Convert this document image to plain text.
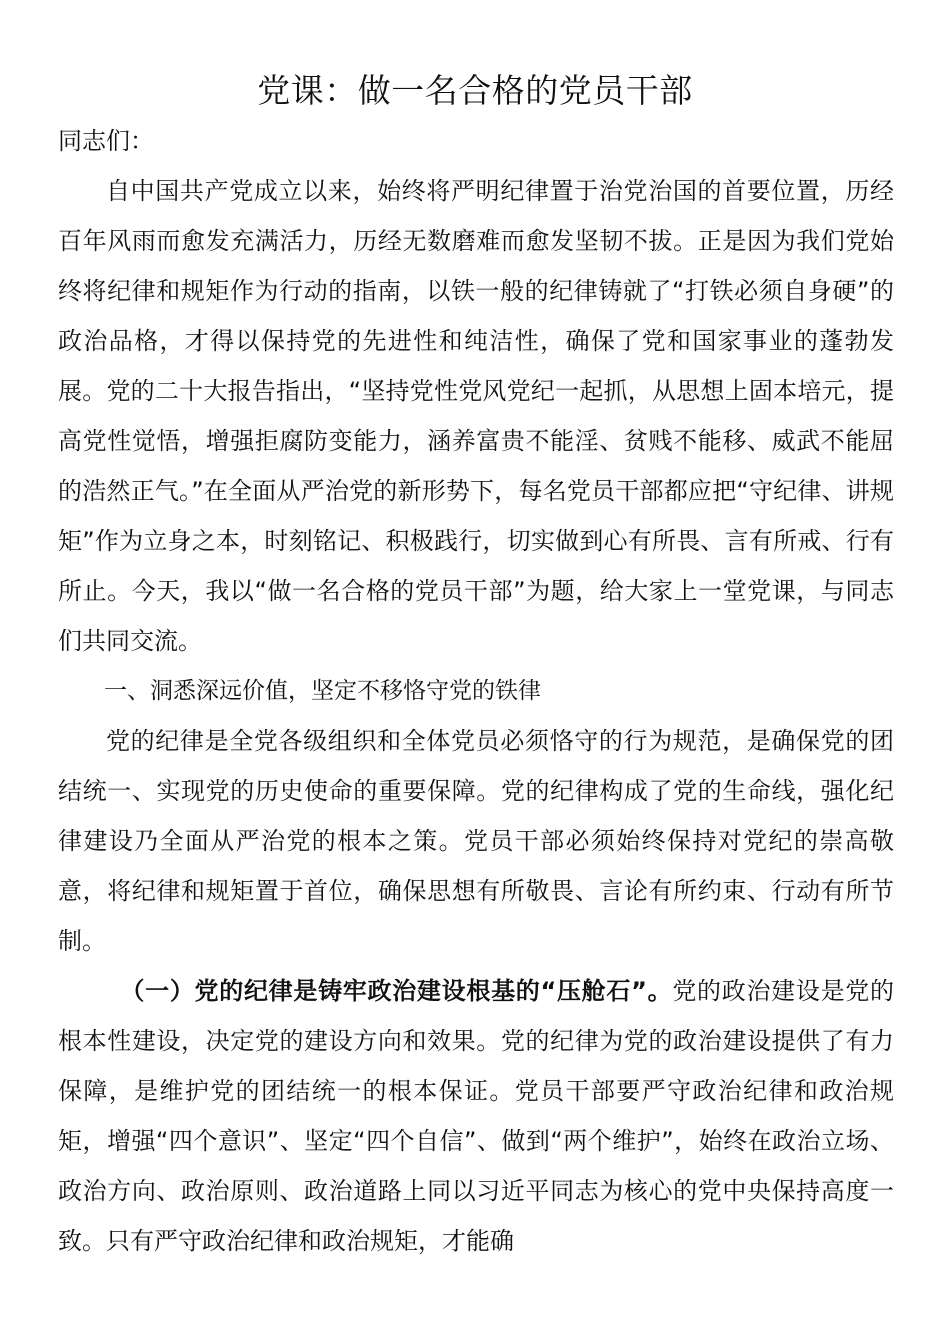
党课：做一名合格的党员干部

同志们：

自中国共产党成立以来，始终将严明纪律置于治党治国的首要位置，历经百年风雨而愈发充满活力，历经无数磨难而愈发坚韧不拔。正是因为我们党始终将纪律和规矩作为行动的指南，以铁一般的纪律铸就了“打铁必须自身硬”的政治品格，才得以保持党的先进性和纯洁性，确保了党和国家事业的蓬勃发展。党的二十大报告指出，“坚持党性党风党纪一起抓，从思想上固本培元，提高党性觉悟，增强拒腐防变能力，涵养富贵不能淫、贫贱不能移、威武不能屈的浩然正气。”在全面从严治党的新形势下，每名党员干部都应把“守纪律、讲规矩”作为立身之本，时刻铭记、积极践行，切实做到心有所畏、言有所戒、行有所止。今天，我以“做一名合格的党员干部”为题，给大家上一堂党课，与同志们共同交流。

一、洞悉深远价值，坚定不移恪守党的铁律

党的纪律是全党各级组织和全体党员必须恪守的行为规范，是确保党的团结统一、实现党的历史使命的重要保障。党的纪律构成了党的生命线，强化纪律建设乃全面从严治党的根本之策。党员干部必须始终保持对党纪的崇高敬意，将纪律和规矩置于首位，确保思想有所敬畏、言论有所约束、行动有所节制。

（一）党的纪律是铸牢政治建设根基的“压舱石”。党的政治建设是党的根本性建设，决定党的建设方向和效果。党的纪律为党的政治建设提供了有力保障，是维护党的团结统一的根本保证。党员干部要严守政治纪律和政治规矩，增强“四个意识”、坚定“四个自信”、做到“两个维护”，始终在政治立场、政治方向、政治原则、政治道路上同以习近平同志为核心的党中央保持高度一致。只有严守政治纪律和政治规矩，才能确
